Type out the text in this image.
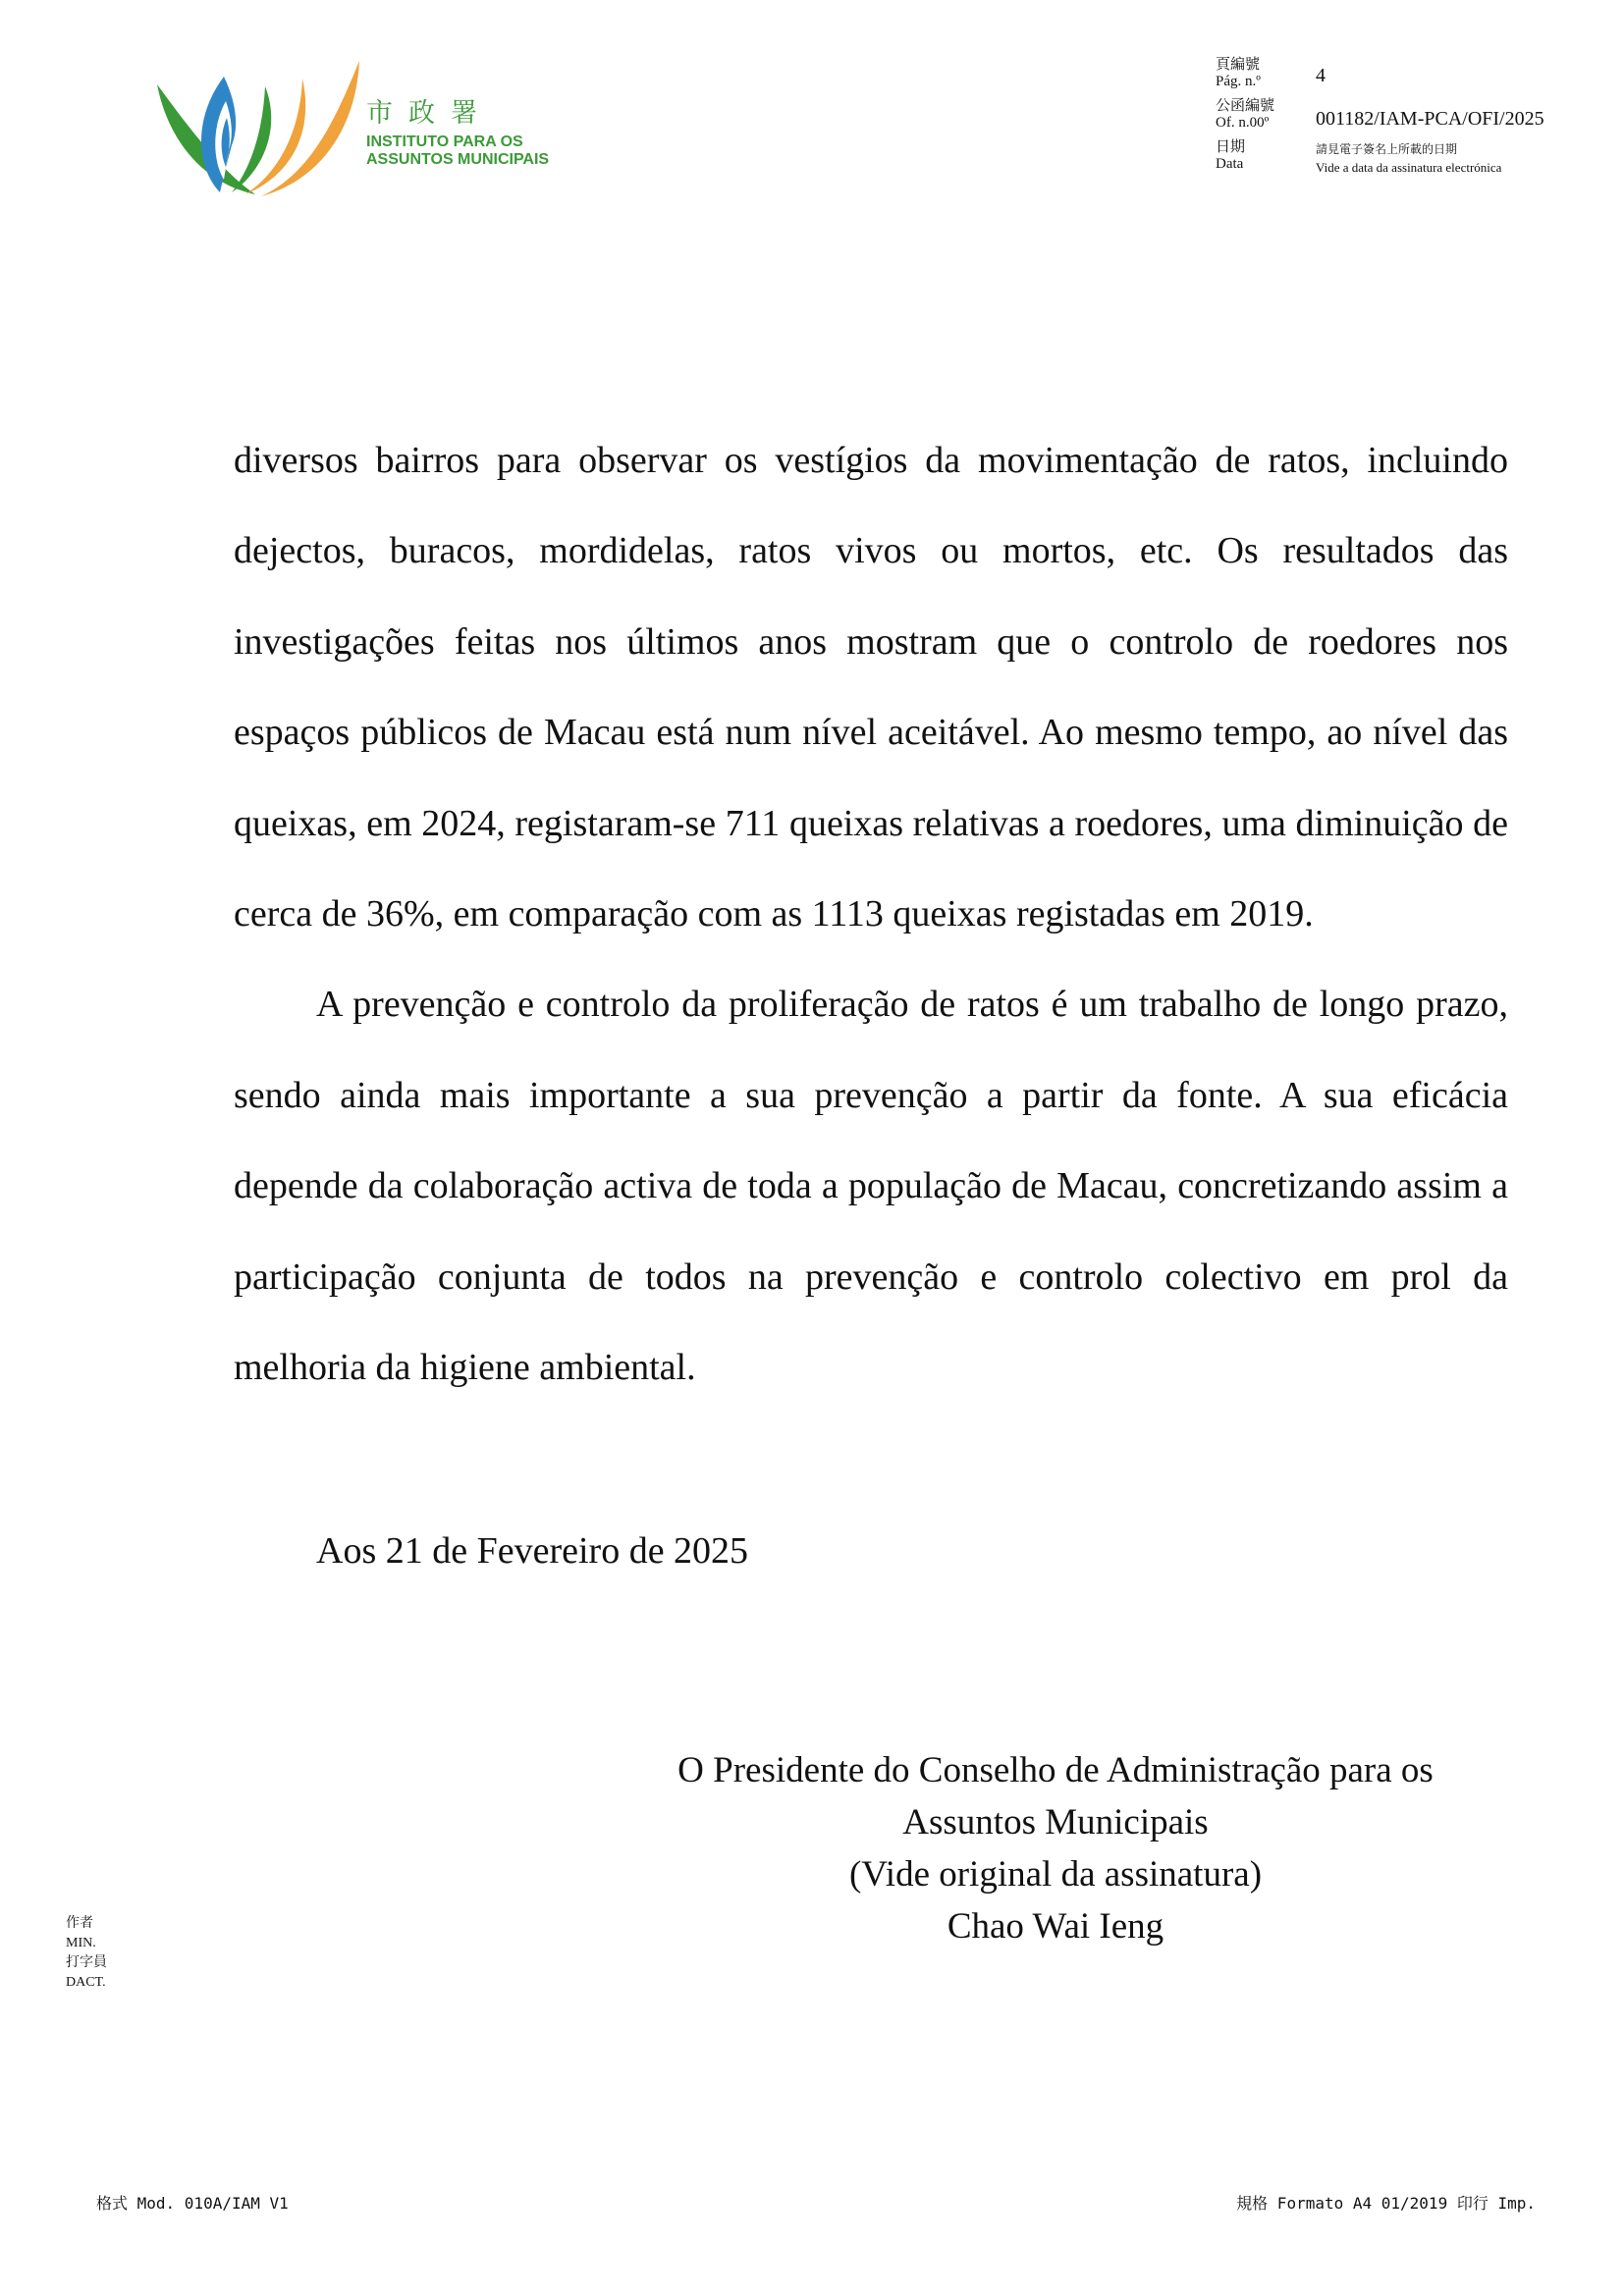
市政署
INSTITUTO PARA OS
ASSUNTOS MUNICIPAIS
頁編號
Pág. n.º	4
公函編號
Of. n.00º 001182/IAM-PCA/OFI/2025
日期
Data
請見電子簽名上所載的日期
Vide a data da assinatura electrónica

diversos bairros para observar os vestígios da movimentação de ratos, incluindo dejectos, buracos, mordidelas, ratos vivos ou mortos, etc. Os resultados das investigações feitas nos últimos anos mostram que o controlo de roedores nos espaços públicos de Macau está num nível aceitável. Ao mesmo tempo, ao nível das queixas, em 2024, registaram-se 711 queixas relativas a roedores, uma diminuição de cerca de 36%, em comparação com as 1113 queixas registadas em 2019.

A prevenção e controlo da proliferação de ratos é um trabalho de longo prazo, sendo ainda mais importante a sua prevenção a partir da fonte. A sua eficácia depende da colaboração activa de toda a população de Macau, concretizando assim a participação conjunta de todos na prevenção e controlo colectivo em prol da melhoria da higiene ambiental.

Aos 21 de Fevereiro de 2025
O Presidente do Conselho de Administração para os
Assuntos Municipais
(Vide original da assinatura)
Chao Wai Ieng
作者
MIN.
打字員
DACT.
格式 Mod. 010A/IAM V1	規格 Formato A4 01/2019 印行 Imp.
